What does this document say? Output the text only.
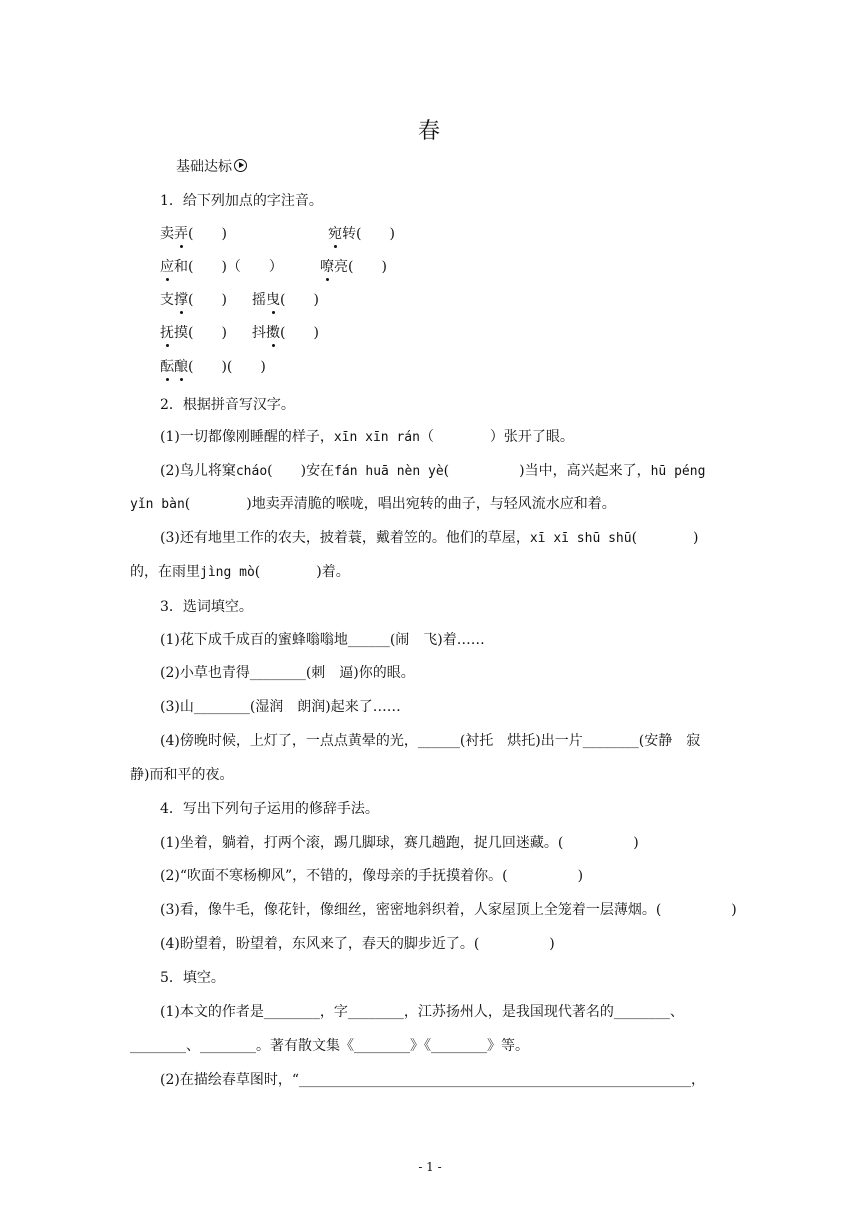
春
基础达标
1．给下列加点的字注音。
卖弄(　　)	宛转(　　)
应和(　　)（　　）	嘹亮(　　)
支撑(　　) 摇曳(　　)
抚摸(　　) 抖擞(　　)
酝酿(　　)(　　)
2．根据拼音写汉字。
(1)一切都像刚睡醒的样子，xīn xīn rán（　　　　）张开了眼。
(2)鸟儿将窠cháo(　　)安在fán huā nèn yè(　　　　　)当中，高兴起来了，hū péng
yǐn bàn(　　　　)地卖弄清脆的喉咙，唱出宛转的曲子，与轻风流水应和着。
(3)还有地里工作的农夫，披着蓑，戴着笠的。他们的草屋，xī xī shū shū(　　　　)
的，在雨里jìng mò(　　　　)着。
3．选词填空。
(1)花下成千成百的蜜蜂嗡嗡地______(闹　飞)着……
(2)小草也青得________(刺　逼)你的眼。
(3)山________(湿润　朗润)起来了……
(4)傍晚时候，上灯了，一点点黄晕的光，______(衬托　烘托)出一片________(安静　寂
静)而和平的夜。
4．写出下列句子运用的修辞手法。
(1)坐着，躺着，打两个滚，踢几脚球，赛几趟跑，捉几回迷藏。(　　　　　)
(2)“吹面不寒杨柳风”，不错的，像母亲的手抚摸着你。(　　　　　)
(3)看，像牛毛，像花针，像细丝，密密地斜织着，人家屋顶上全笼着一层薄烟。(　　　　　)
(4)盼望着，盼望着，东风来了，春天的脚步近了。(　　　　　)
5．填空。
(1)本文的作者是________，字________，江苏扬州人，是我国现代著名的________、
________、________。著有散文集《________》《________》等。
(2)在描绘春草图时，“________________________________________________________，
- 1 -
